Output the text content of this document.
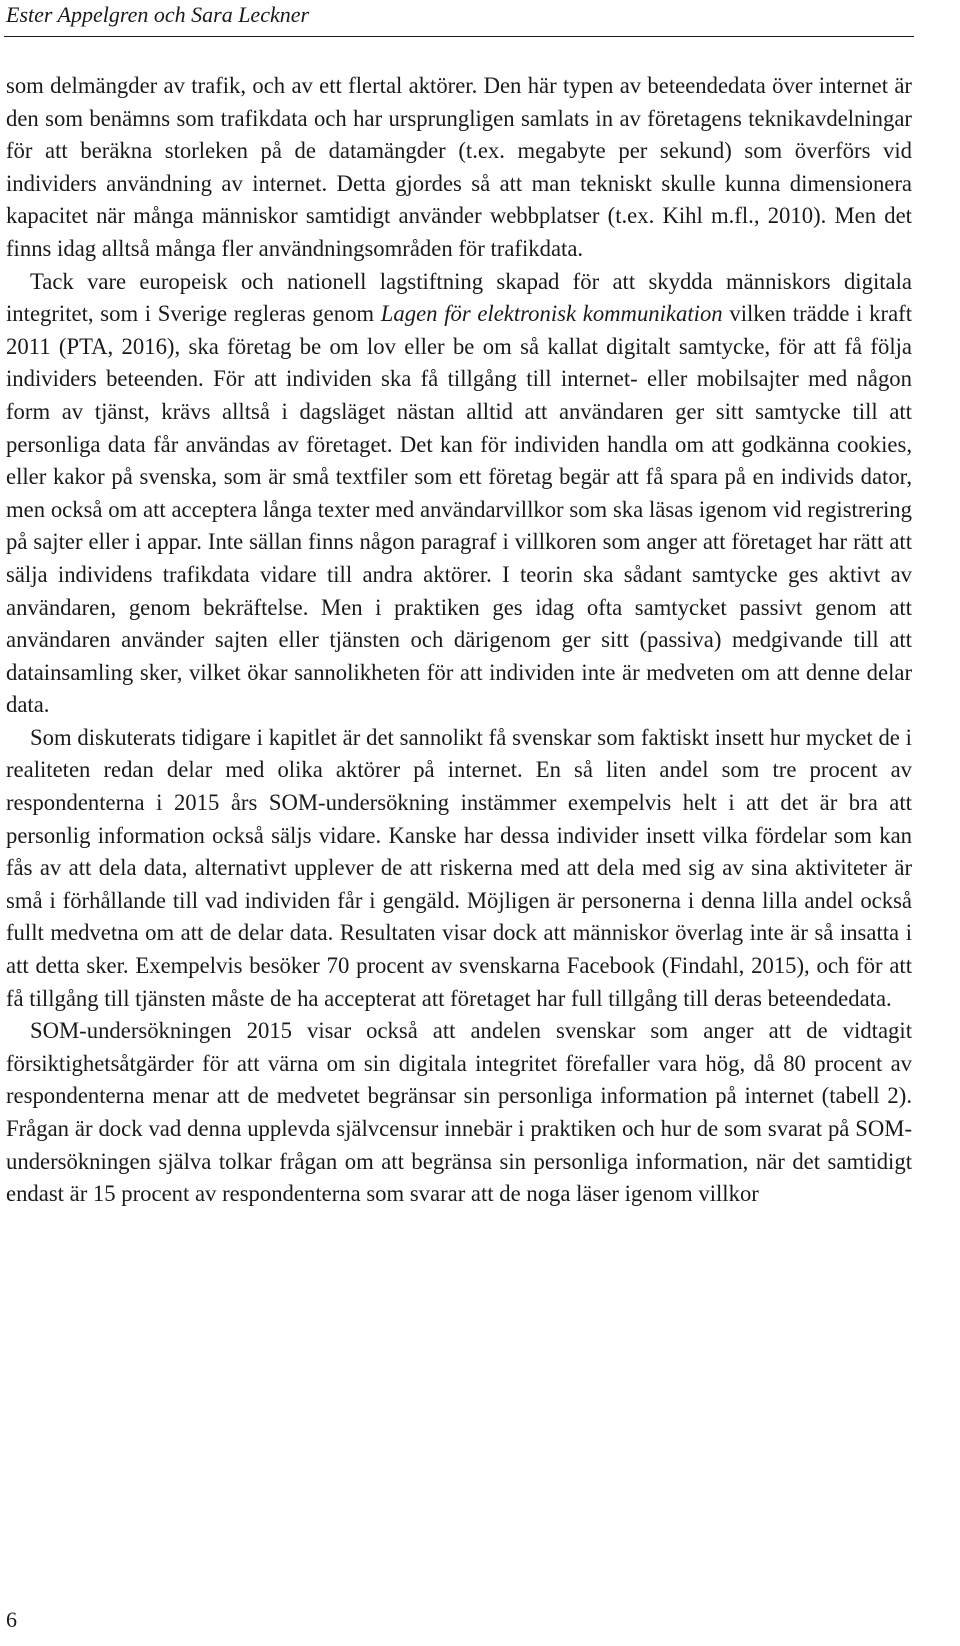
Ester Appelgren och Sara Leckner

som delmängder av trafik, och av ett flertal aktörer. Den här typen av beteendedata över internet är den som benämns som trafikdata och har ursprungligen samlats in av företagens teknikavdelningar för att beräkna storleken på de datamängder (t.ex. megabyte per sekund) som överförs vid individers användning av internet. Detta gjordes så att man tekniskt skulle kunna dimensionera kapacitet när många människor samtidigt använder webbplatser (t.ex. Kihl m.fl., 2010). Men det finns idag alltså många fler användningsområden för trafikdata.

Tack vare europeisk och nationell lagstiftning skapad för att skydda människors digitala integritet, som i Sverige regleras genom Lagen för elektronisk kommunikation vilken trädde i kraft 2011 (PTA, 2016), ska företag be om lov eller be om så kallat digitalt samtycke, för att få följa individers beteenden. För att individen ska få tillgång till internet- eller mobilsajter med någon form av tjänst, krävs alltså i dagsläget nästan alltid att användaren ger sitt samtycke till att personliga data får användas av företaget. Det kan för individen handla om att godkänna cookies, eller kakor på svenska, som är små textfiler som ett företag begär att få spara på en individs dator, men också om att acceptera långa texter med användarvillkor som ska läsas igenom vid registrering på sajter eller i appar. Inte sällan finns någon paragraf i villkoren som anger att företaget har rätt att sälja individens trafikdata vidare till andra aktörer. I teorin ska sådant samtycke ges aktivt av användaren, genom bekräftelse. Men i praktiken ges idag ofta samtycket passivt genom att användaren använder sajten eller tjänsten och därigenom ger sitt (passiva) medgivande till att datainsamling sker, vilket ökar sannolikheten för att individen inte är medveten om att denne delar data.

Som diskuterats tidigare i kapitlet är det sannolikt få svenskar som faktiskt insett hur mycket de i realiteten redan delar med olika aktörer på internet. En så liten andel som tre procent av respondenterna i 2015 års SOM-undersökning instämmer exempelvis helt i att det är bra att personlig information också säljs vidare. Kanske har dessa individer insett vilka fördelar som kan fås av att dela data, alternativt upplever de att riskerna med att dela med sig av sina aktiviteter är små i förhållande till vad individen får i gengäld. Möjligen är personerna i denna lilla andel också fullt medvetna om att de delar data. Resultaten visar dock att människor överlag inte är så insatta i att detta sker. Exempelvis besöker 70 procent av svenskarna Facebook (Findahl, 2015), och för att få tillgång till tjänsten måste de ha accepterat att företaget har full tillgång till deras beteendedata.

SOM-undersökningen 2015 visar också att andelen svenskar som anger att de vidtagit försiktighetsåtgärder för att värna om sin digitala integritet förefaller vara hög, då 80 procent av respondenterna menar att de medvetet begränsar sin personliga information på internet (tabell 2). Frågan är dock vad denna upplevda självcensur innebär i praktiken och hur de som svarat på SOM-undersökningen själva tolkar frågan om att begränsa sin personliga information, när det samtidigt endast är 15 procent av respondenterna som svarar att de noga läser igenom villkor

6
